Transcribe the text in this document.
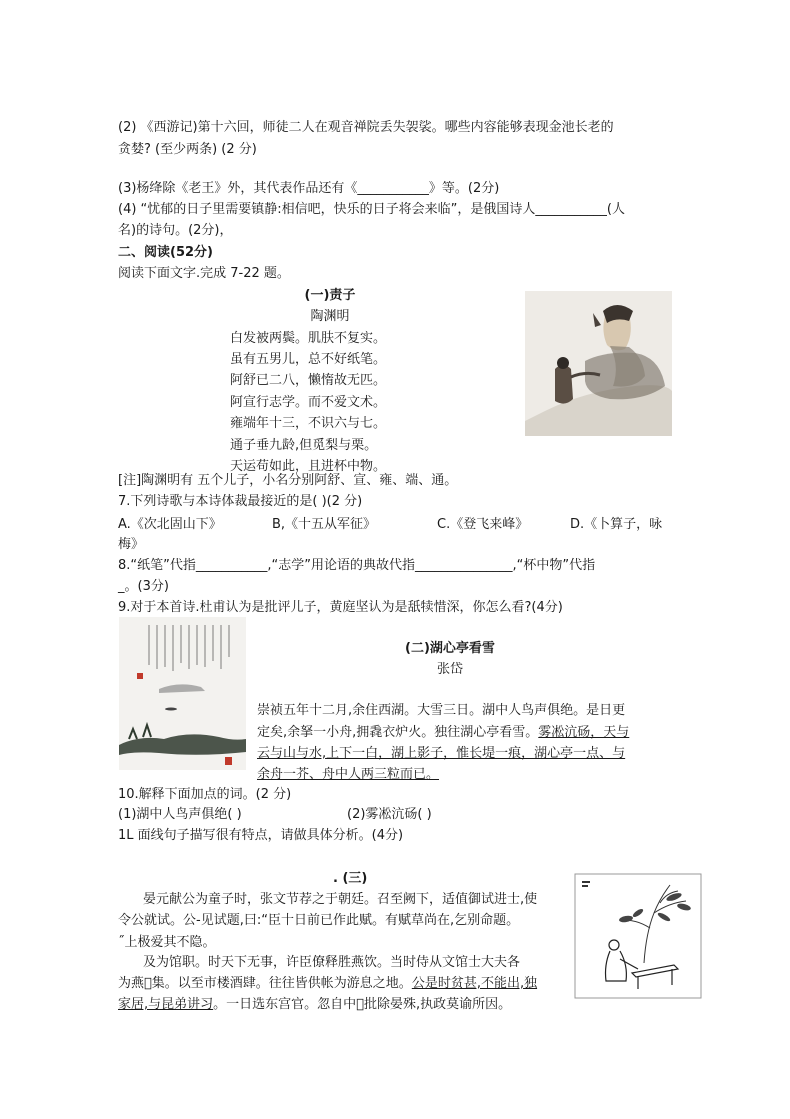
(2) 《西游记)第十六回，师徒二人在观音禅院丢失袈裟。哪些内容能够表现金池长老的
贪婪? (至少两条) (2 分)
(3)杨绛除《老王》外，其代表作品还有《___________》等。(2分)
(4) “忧郁的日子里需要镇静:相信吧，快乐的日子将会来临”，是俄国诗人___________(人
名)的诗句。(2分)，
二、阅读(52分)
阅读下面文字.完成 7-22 题。
(一)责子
陶渊明
白发被两鬓。肌肤不复实。
虽有五男儿，总不好纸笔。
阿舒已二八，懒惰故无匹。
阿宣行志学。而不爱文术。
雍端年十三，不识六与七。
通子垂九龄,但觅梨与栗。
天运苟如此，且进杯中物。
[注]陶渊明有 五个儿子，小名分别阿舒、宣、雍、端、通。
7.下列诗歌与本诗体裁最接近的是( )(2 分)
A.《次北固山下》	B,《十五从军征》	C.《登飞来峰》	D.《卜算子，咏
梅》
8.“纸笔”代指___________,“志学”用论语的典故代指_______________,“杯中物”代指
_。(3分)
9.对于本首诗.杜甫认为是批评儿子，黄庭坚认为是舐犊惜深，你怎么看?(4分)
(二)湖心亭看雪
张岱
崇祯五年十二月,余住西湖。大雪三日。湖中人鸟声俱绝。是日更
定矣,余拏一小舟,拥毳衣炉火。独往湖心亭看雪。雾凇沆砀，天与
云与山与水,上下一白，湖上影子，惟长堤一痕，湖心亭一点、与
余舟一芥、舟中人两三粒而已。
10.解释下面加点的词。(2 分)
(1)湖中人鸟声俱绝( )	(2)雾凇沆砀( )
1L 面线句子描写很有特点，请做具体分析。(4分)
. (三)
晏元献公为童子时，张文节荐之于朝廷。召至阙下，适值御试进士,使
令公就试。公-见试题,曰:“臣十日前已作此赋。有赋草尚在,乞别命题。
˝上极爱其不隐。
及为馆职。时天下无事，许臣僚释胜燕饮。当时侍从文馆士大夫各
为燕 集。以至市楼酒肆。往往皆供帐为游息之地。公是时贫甚,不能出,独
家居,与昆弟讲习。一日选东宫官。忽自中 批除晏殊,执政莫谕所因。
